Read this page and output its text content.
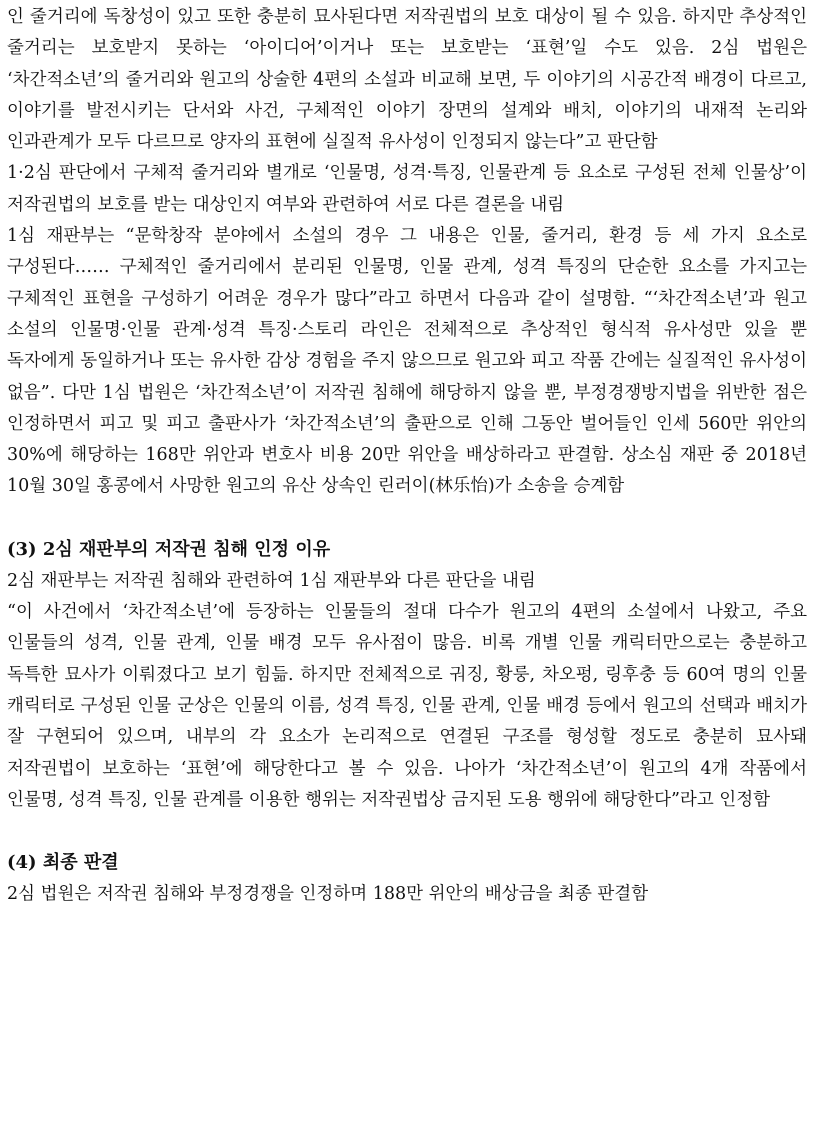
인 줄거리에 독창성이 있고 또한 충분히 묘사된다면 저작권법의 보호 대상이 될 수 있음. 하지만 추상적인 줄거리는 보호받지 못하는 ‘아이디어’이거나 또는 보호받는 ‘표현’일 수도 있음. 2심 법원은 ‘차간적소년’의 줄거리와 원고의 상술한 4편의 소설과 비교해 보면, 두 이야기의 시공간적 배경이 다르고, 이야기를 발전시키는 단서와 사건, 구체적인 이야기 장면의 설계와 배치, 이야기의 내재적 논리와 인과관계가 모두 다르므로 양자의 표현에 실질적 유사성이 인정되지 않는다”고 판단함

1·2심 판단에서 구체적 줄거리와 별개로 ‘인물명, 성격·특징, 인물관계 등 요소로 구성된 전체 인물상’이 저작권법의 보호를 받는 대상인지 여부와 관련하여 서로 다른 결론을 내림

1심 재판부는 “문학창작 분야에서 소설의 경우 그 내용은 인물, 줄거리, 환경 등 세 가지 요소로 구성된다…… 구체적인 줄거리에서 분리된 인물명, 인물 관계, 성격 특징의 단순한 요소를 가지고는 구체적인 표현을 구성하기 어려운 경우가 많다”라고 하면서 다음과 같이 설명함. “‘차간적소년’과 원고 소설의 인물명·인물 관계·성격 특징·스토리 라인은 전체적으로 추상적인 형식적 유사성만 있을 뿐 독자에게 동일하거나 또는 유사한 감상 경험을 주지 않으므로 원고와 피고 작품 간에는 실질적인 유사성이 없음”. 다만 1심 법원은 ‘차간적소년’이 저작권 침해에 해당하지 않을 뿐, 부정경쟁방지법을 위반한 점은 인정하면서 피고 및 피고 출판사가 ‘차간적소년’의 출판으로 인해 그동안 벌어들인 인세 560만 위안의 30%에 해당하는 168만 위안과 변호사 비용 20만 위안을 배상하라고 판결함. 상소심 재판 중 2018년 10월 30일 홍콩에서 사망한 원고의 유산 상속인 린러이(林乐怡)가 소송을 승계함

(3) 2심 재판부의 저작권 침해 인정 이유

2심 재판부는 저작권 침해와 관련하여 1심 재판부와 다른 판단을 내림

“이 사건에서 ‘차간적소년’에 등장하는 인물들의 절대 다수가 원고의 4편의 소설에서 나왔고, 주요 인물들의 성격, 인물 관계, 인물 배경 모두 유사점이 많음. 비록 개별 인물 캐릭터만으로는 충분하고 독특한 묘사가 이뤄졌다고 보기 힘듦. 하지만 전체적으로 궈징, 황룽, 차오펑, 링후충 등 60여 명의 인물 캐릭터로 구성된 인물 군상은 인물의 이름, 성격 특징, 인물 관계, 인물 배경 등에서 원고의 선택과 배치가 잘 구현되어 있으며, 내부의 각 요소가 논리적으로 연결된 구조를 형성할 정도로 충분히 묘사돼 저작권법이 보호하는 ‘표현’에 해당한다고 볼 수 있음. 나아가 ‘차간적소년’이 원고의 4개 작품에서 인물명, 성격 특징, 인물 관계를 이용한 행위는 저작권법상 금지된 도용 행위에 해당한다”라고 인정함

(4) 최종 판결

2심 법원은 저작권 침해와 부정경쟁을 인정하며 188만 위안의 배상금을 최종 판결함
